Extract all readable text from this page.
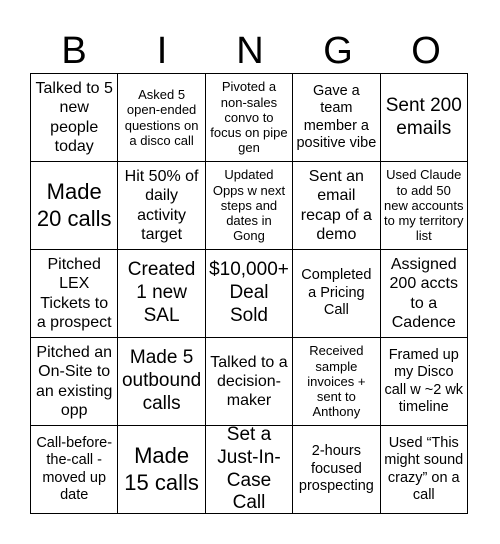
B	I	N	G	O
Talked to 5 new people today
Asked 5 open-ended questions on a disco call
Pivoted a non-sales convo to focus on pipe gen
Gave a team member a positive vibe
Sent 200 emails
Made 20 calls
Hit 50% of daily activity target
Updated Opps w next steps and dates in Gong
Sent an email recap of a demo
Used Claude to add 50 new accounts to my territory list
Pitched LEX Tickets to a prospect
Created 1 new SAL
$10,000+ Deal Sold
Completed a Pricing Call
Assigned 200 accts to a Cadence
Pitched an On-Site to an existing opp
Made 5 outbound calls
Talked to a decision-maker
Received sample invoices + sent to Anthony
Framed up my Disco call w ~2 wk timeline
Call-before-the-call - moved up date
Made 15 calls
Set a Just-In-Case Call
2-hours focused prospecting
Used “This might sound crazy” on a call
